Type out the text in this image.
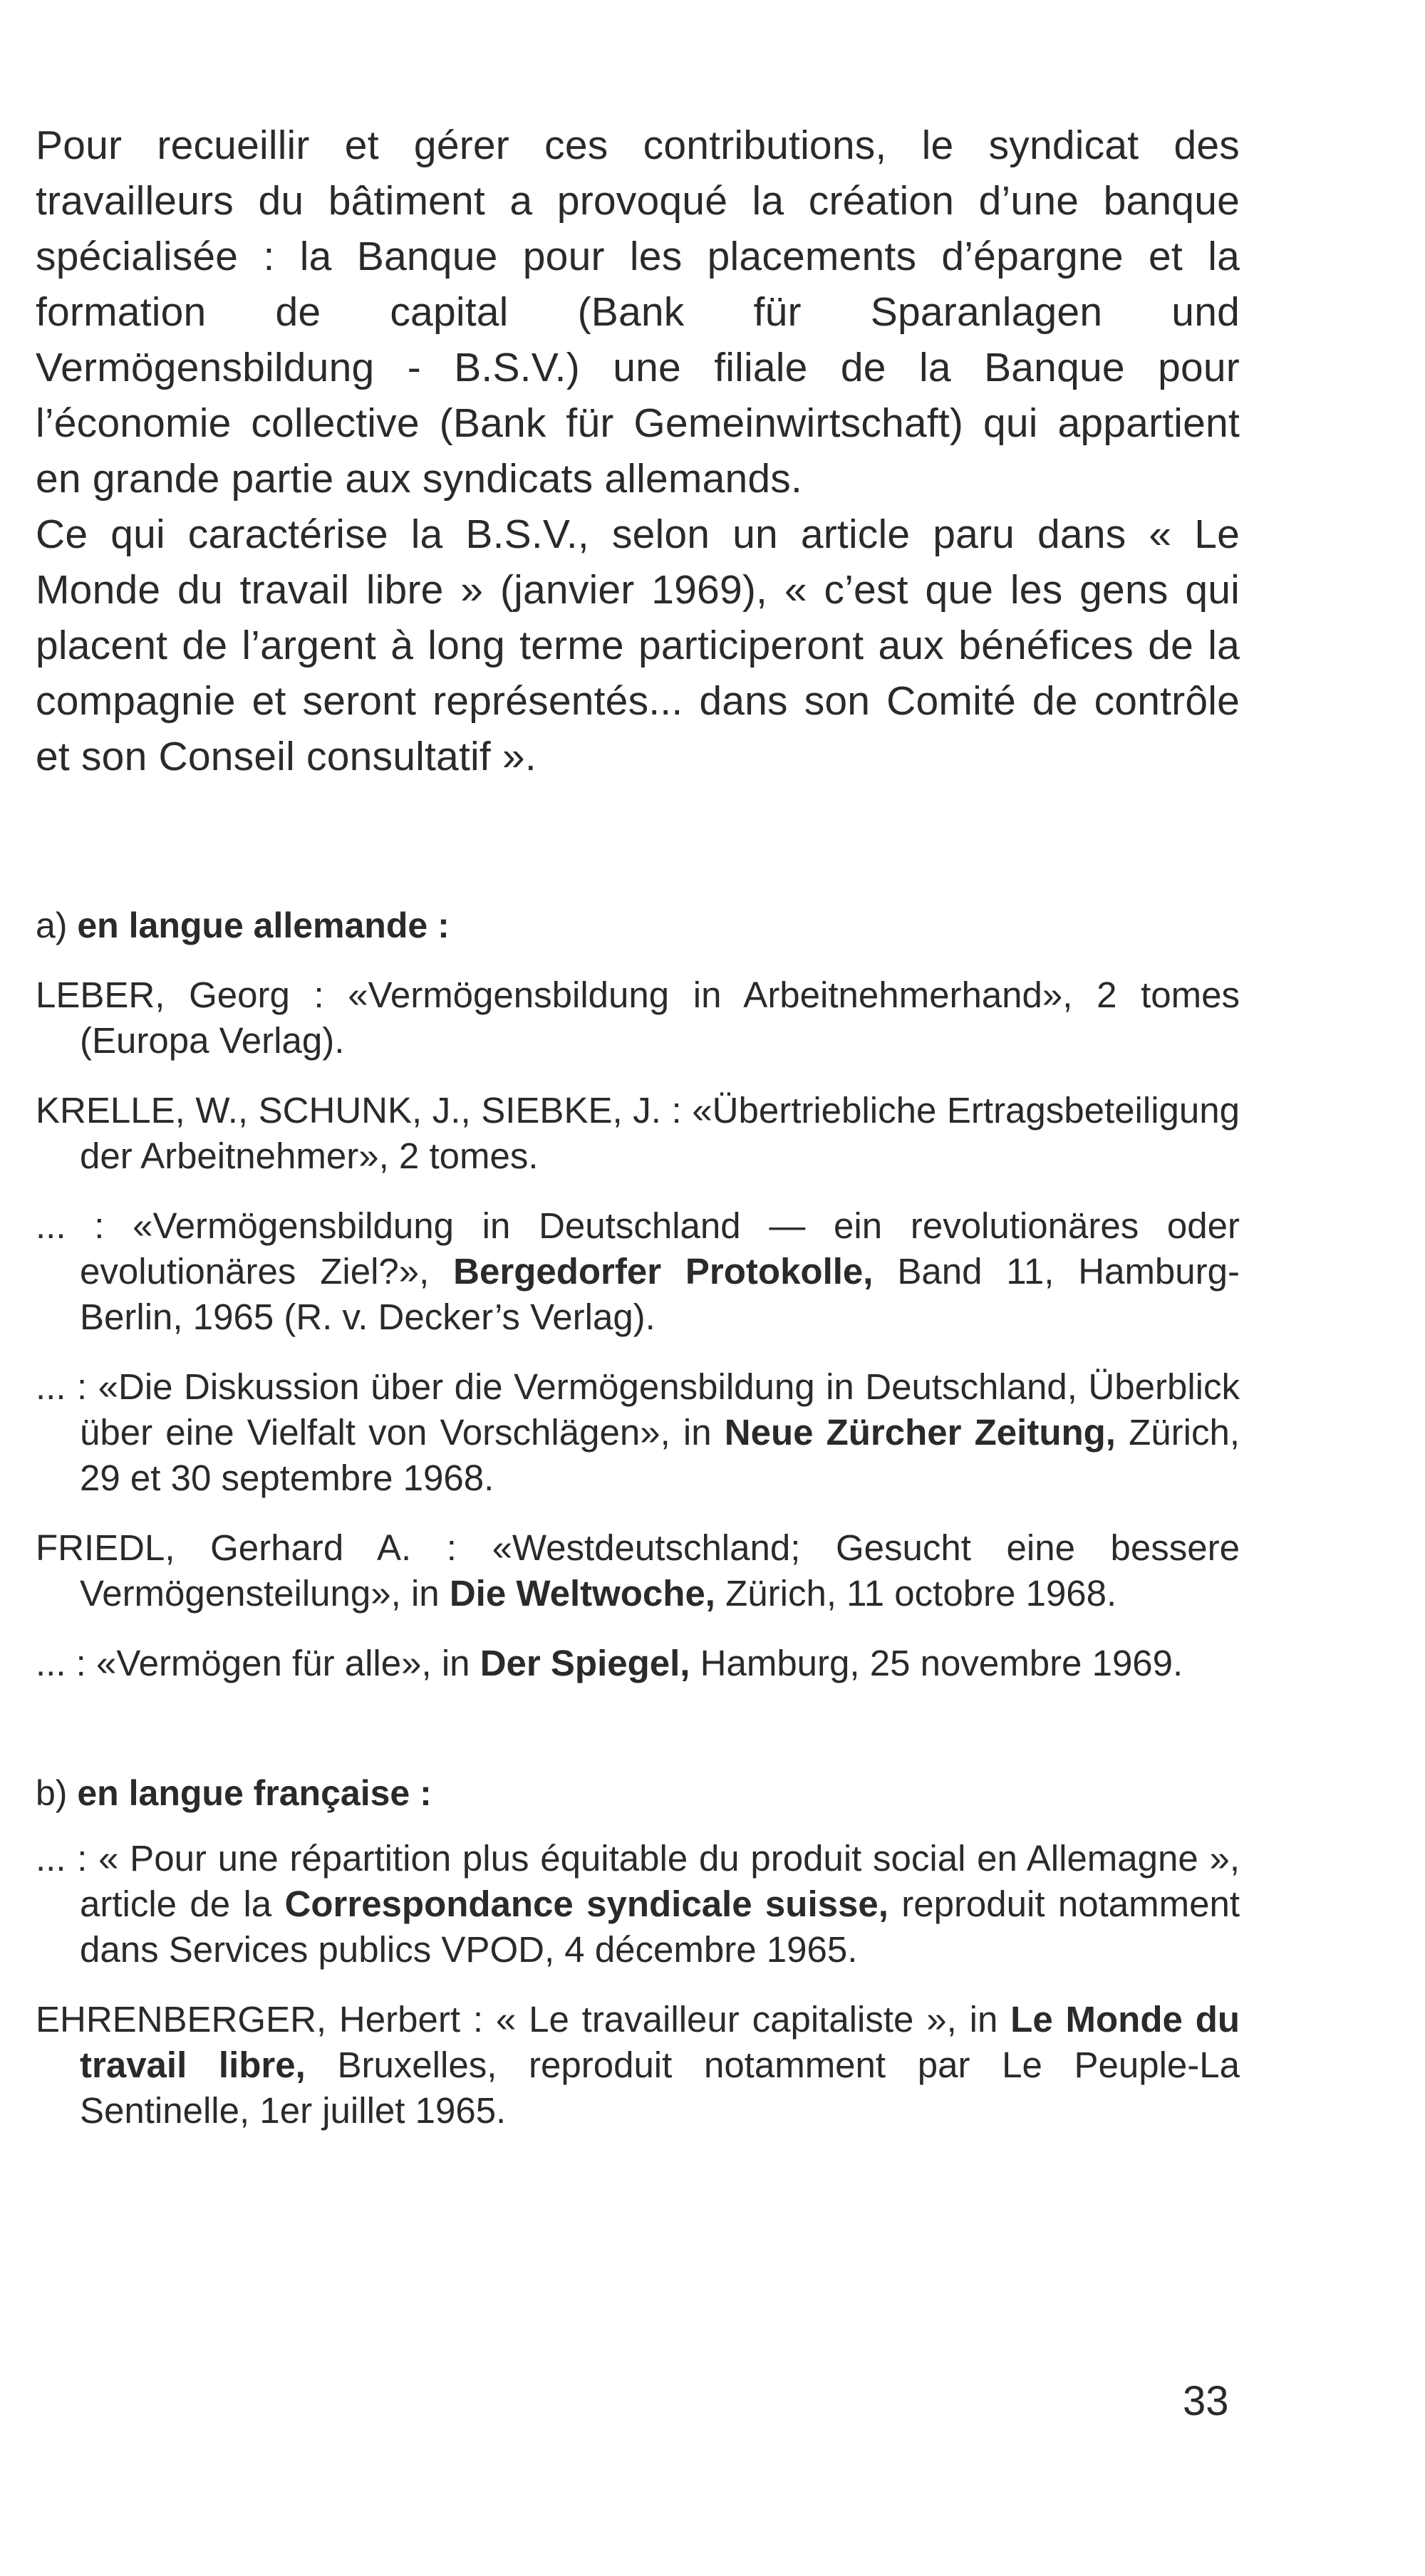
Pour recueillir et gérer ces contributions, le syndicat des travailleurs du bâtiment a provoqué la création d’une banque spécialisée : la Banque pour les placements d’épargne et la formation de capital (Bank für Sparanlagen und Vermögensbildung - B.S.V.) une filiale de la Banque pour l’économie collective (Bank für Gemeinwirtschaft) qui appartient en grande partie aux syndicats allemands.

Ce qui caractérise la B.S.V., selon un article paru dans « Le Monde du travail libre » (janvier 1969), « c’est que les gens qui placent de l’argent à long terme participeront aux bénéfices de la compagnie et seront représentés... dans son Comité de contrôle et son Conseil consultatif ».

a) en langue allemande :
LEBER, Georg : «Vermögensbildung in Arbeitnehmerhand», 2 tomes (Europa Verlag).
KRELLE, W., SCHUNK, J., SIEBKE, J. : «Übertriebliche Ertragsbeteiligung der Arbeitnehmer», 2 tomes.
... : «Vermögensbildung in Deutschland — ein revolutionäres oder evolutionäres Ziel?», Bergedorfer Protokolle, Band 11, Hamburg-Berlin, 1965 (R. v. Decker’s Verlag).
... : «Die Diskussion über die Vermögensbildung in Deutschland, Überblick über eine Vielfalt von Vorschlägen», in Neue Zürcher Zeitung, Zürich, 29 et 30 septembre 1968.
FRIEDL, Gerhard A. : «Westdeutschland; Gesucht eine bessere Vermögensteilung», in Die Weltwoche, Zürich, 11 octobre 1968.
... : «Vermögen für alle», in Der Spiegel, Hamburg, 25 novembre 1969.
b) en langue française :
... : « Pour une répartition plus équitable du produit social en Allemagne », article de la Correspondance syndicale suisse, reproduit notamment dans Services publics VPOD, 4 décembre 1965.
EHRENBERGER, Herbert : « Le travailleur capitaliste », in Le Monde du travail libre, Bruxelles, reproduit notamment par Le Peuple-La Sentinelle, 1er juillet 1965.
33
